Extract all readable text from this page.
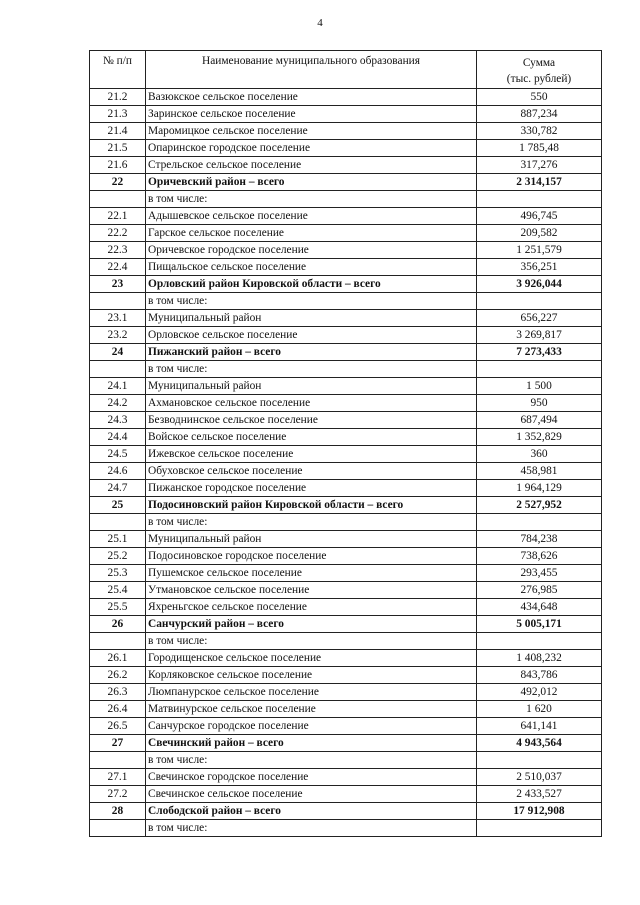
4
№ п/п	Наименование муниципального образования	Сумма
(тыс. рублей)

21.2	Вазюкское сельское поселение	550
21.3	Заринское сельское поселение	887,234
21.4	Маромицкое сельское поселение	330,782
21.5	Опаринское городское поселение	1 785,48
21.6	Стрельское сельское поселение	317,276
22	Оричевский район – всего	2 314,157
	в том числе:	
22.1	Адышевское сельское поселение	496,745
22.2	Гарское сельское поселение	209,582
22.3	Оричевское городское поселение	1 251,579
22.4	Пищальское сельское поселение	356,251
23	Орловский район Кировской области – всего	3 926,044
	в том числе:	
23.1	Муниципальный район	656,227
23.2	Орловское сельское поселение	3 269,817
24	Пижанский район – всего	7 273,433
	в том числе:	
24.1	Муниципальный район	1 500
24.2	Ахмановское сельское поселение	950
24.3	Безводнинское сельское поселение	687,494
24.4	Войское сельское поселение	1 352,829
24.5	Ижевское сельское поселение	360
24.6	Обуховское сельское поселение	458,981
24.7	Пижанское городское поселение	1 964,129
25	Подосиновский район Кировской области – всего	2 527,952
	в том числе:	
25.1	Муниципальный район	784,238
25.2	Подосиновское городское поселение	738,626
25.3	Пушемское сельское поселение	293,455
25.4	Утмановское сельское поселение	276,985
25.5	Яхреньгское сельское поселение	434,648
26	Санчурский район – всего	5 005,171
	в том числе:	
26.1	Городищенское сельское поселение	1 408,232
26.2	Корляковское сельское поселение	843,786
26.3	Люмпанурское сельское поселение	492,012
26.4	Матвинурское сельское поселение	1 620
26.5	Санчурское городское поселение	641,141
27	Свечинский район – всего	4 943,564
	в том числе:	
27.1	Свечинское городское поселение	2 510,037
27.2	Свечинское сельское поселение	2 433,527
28	Слободской район – всего	17 912,908
	в том числе:	
